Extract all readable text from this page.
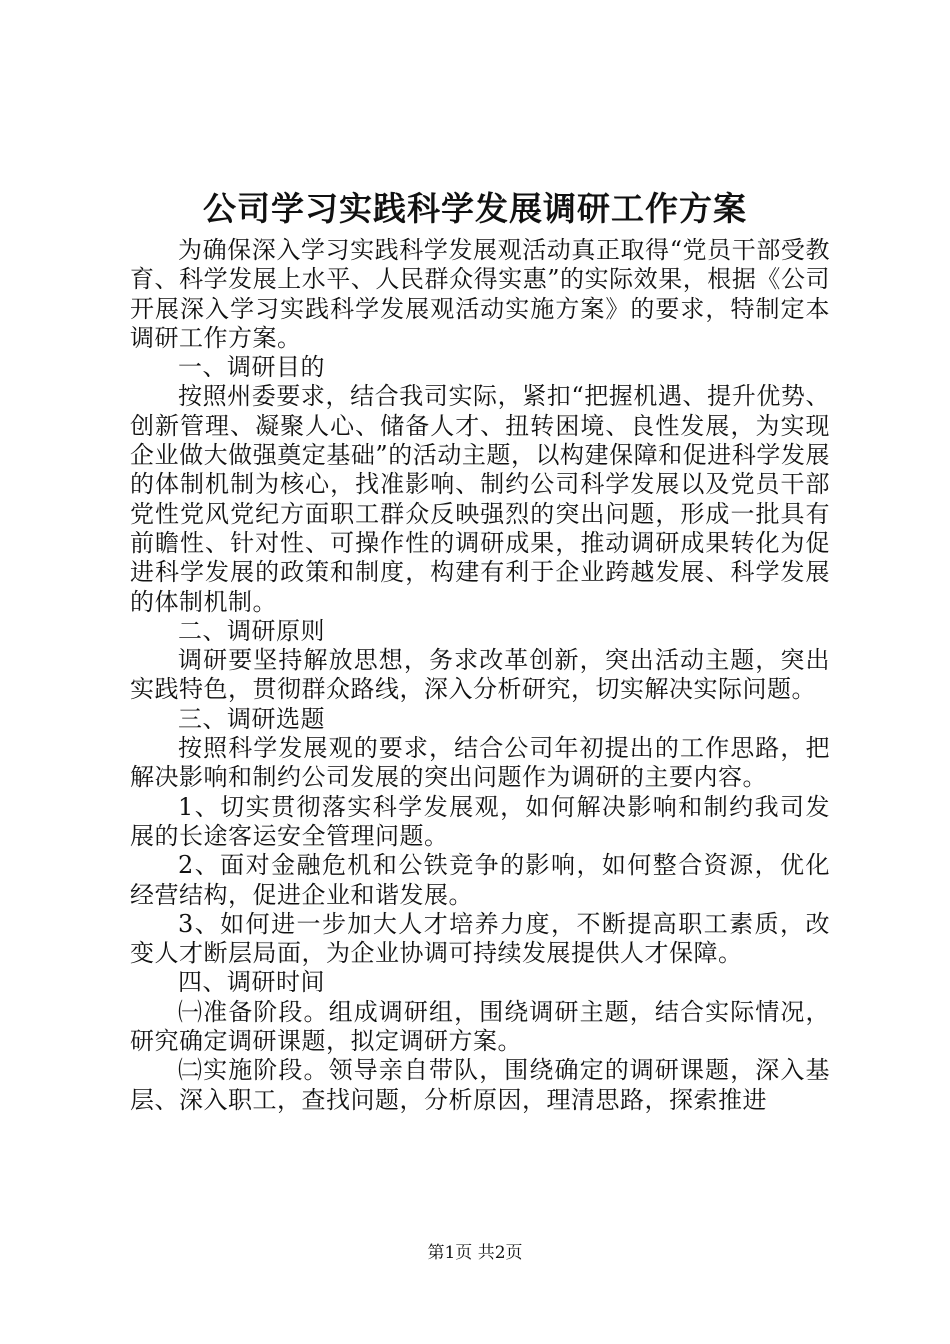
公司学习实践科学发展调研工作方案

为确保深入学习实践科学发展观活动真正取得“党员干部受教育、科学发展上水平、人民群众得实惠”的实际效果，根据《公司开展深入学习实践科学发展观活动实施方案》的要求，特制定本调研工作方案。

一、调研目的

按照州委要求，结合我司实际，紧扣“把握机遇、提升优势、创新管理、凝聚人心、储备人才、扭转困境、良性发展，为实现企业做大做强奠定基础”的活动主题，以构建保障和促进科学发展的体制机制为核心，找准影响、制约公司科学发展以及党员干部党性党风党纪方面职工群众反映强烈的突出问题，形成一批具有前瞻性、针对性、可操作性的调研成果，推动调研成果转化为促进科学发展的政策和制度，构建有利于企业跨越发展、科学发展的体制机制。

二、调研原则

调研要坚持解放思想，务求改革创新，突出活动主题，突出实践特色，贯彻群众路线，深入分析研究，切实解决实际问题。

三、调研选题

按照科学发展观的要求，结合公司年初提出的工作思路，把解决影响和制约公司发展的突出问题作为调研的主要内容。

1、切实贯彻落实科学发展观，如何解决影响和制约我司发展的长途客运安全管理问题。

2、面对金融危机和公铁竞争的影响，如何整合资源，优化经营结构，促进企业和谐发展。

3、如何进一步加大人才培养力度，不断提高职工素质，改变人才断层局面，为企业协调可持续发展提供人才保障。

四、调研时间

㈠准备阶段。组成调研组，围绕调研主题，结合实际情况，研究确定调研课题，拟定调研方案。

㈡实施阶段。领导亲自带队，围绕确定的调研课题，深入基层、深入职工，查找问题，分析原因，理清思路，探索推进

第1页 共2页
